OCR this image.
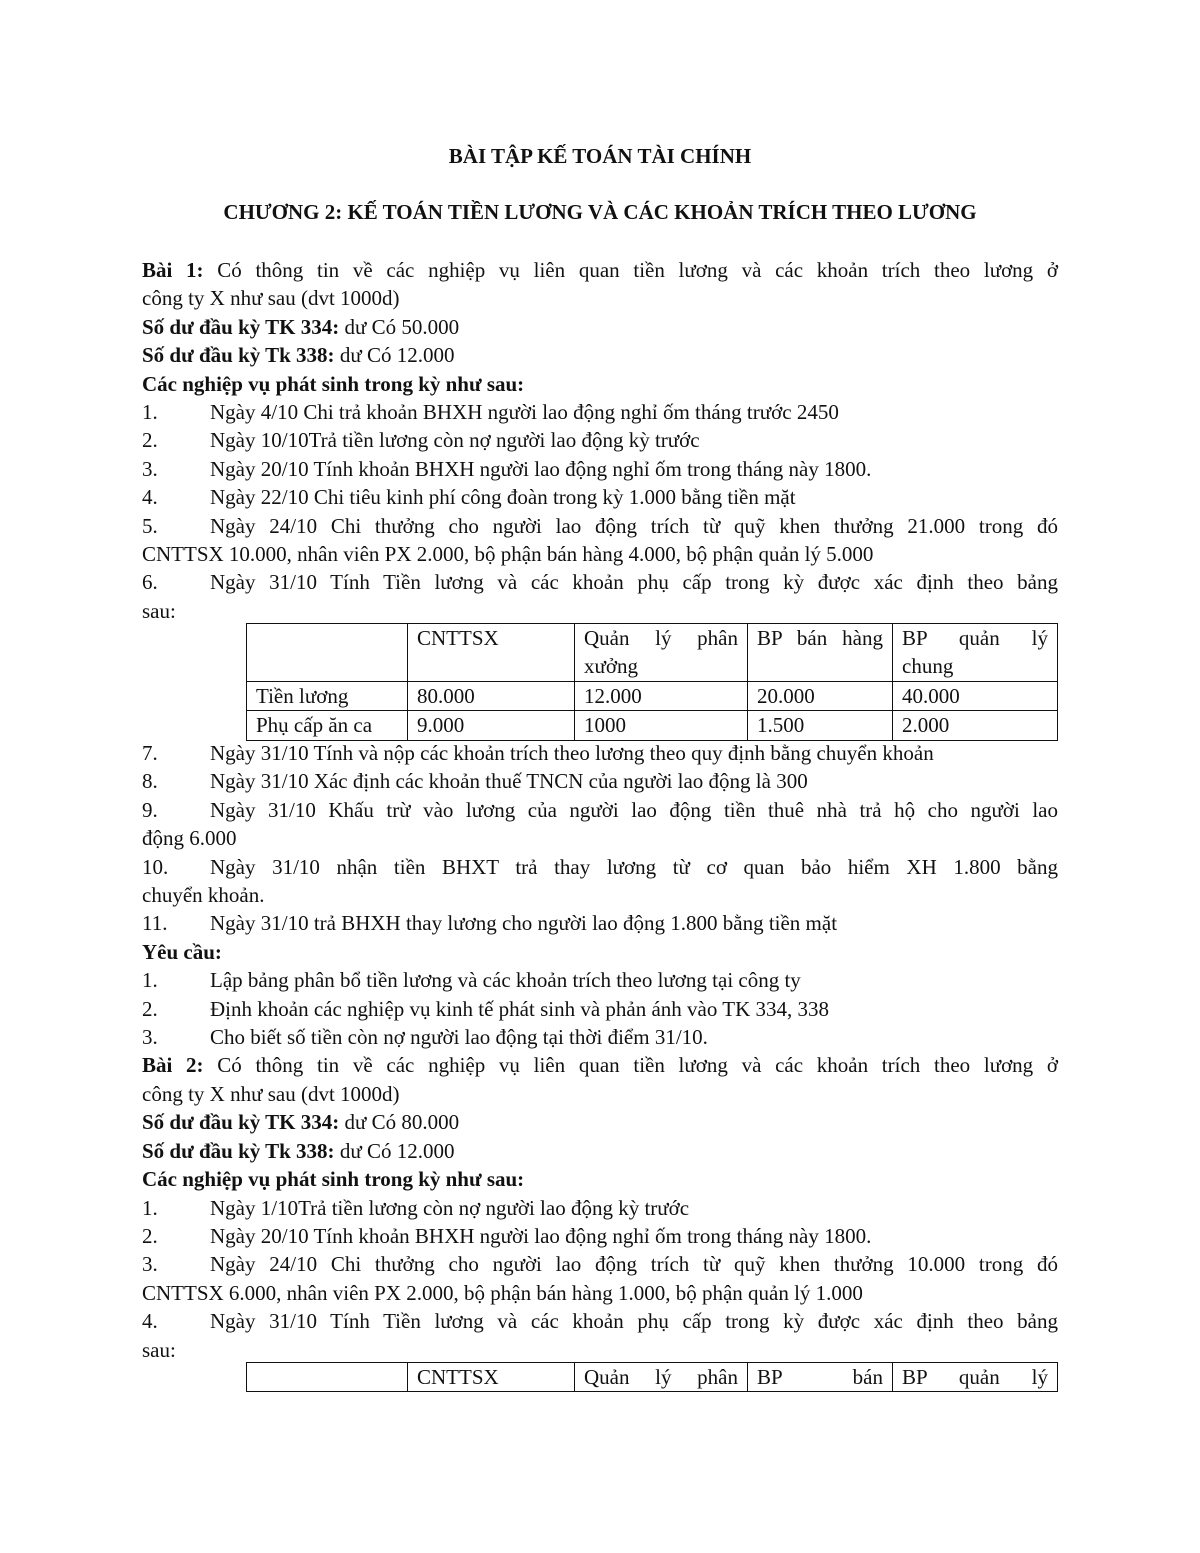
BÀI TẬP KẾ TOÁN TÀI CHÍNH
CHƯƠNG 2: KẾ TOÁN TIỀN LƯƠNG VÀ CÁC KHOẢN TRÍCH THEO LƯƠNG
Bài 1: Có thông tin về các nghiệp vụ liên quan tiền lương và các khoản trích theo lương ở
công ty X như sau (dvt 1000d)
Số dư đầu kỳ TK 334: dư Có 50.000
Số dư đầu kỳ Tk 338: dư Có 12.000
Các nghiệp vụ phát sinh trong kỳ như sau:
1. Ngày 4/10 Chi trả khoản BHXH người lao động nghỉ ốm tháng trước 2450
2. Ngày 10/10Trả tiền lương còn nợ người lao động kỳ trước
3. Ngày 20/10 Tính khoản BHXH người lao động nghỉ ốm trong tháng này 1800.
4. Ngày 22/10 Chi tiêu kinh phí công đoàn trong kỳ 1.000 bằng tiền mặt
5. Ngày 24/10 Chi thưởng cho người lao động trích từ quỹ khen thưởng 21.000 trong đó
CNTTSX 10.000, nhân viên PX 2.000, bộ phận bán hàng 4.000, bộ phận quản lý 5.000
6. Ngày 31/10 Tính Tiền lương và các khoản phụ cấp trong kỳ được xác định theo bảng
sau:
	CNTTSX	Quản lý phân xưởng	BP bán hàng	BP quản lý chung

Tiền lương	80.000	12.000	20.000	40.000
Phụ cấp ăn ca	9.000	1000	1.500	2.000
7. Ngày 31/10 Tính và nộp các khoản trích theo lương theo quy định bằng chuyển khoản
8. Ngày 31/10 Xác định các khoản thuế TNCN của người lao động là 300
9. Ngày 31/10 Khấu trừ vào lương của người lao động tiền thuê nhà trả hộ cho người lao
động 6.000
10. Ngày 31/10 nhận tiền BHXT trả thay lương từ cơ quan bảo hiểm XH 1.800 bằng
chuyển khoản.
11. Ngày 31/10 trả BHXH thay lương cho người lao động 1.800 bằng tiền mặt
Yêu cầu:
1. Lập bảng phân bổ tiền lương và các khoản trích theo lương tại công ty
2. Định khoản các nghiệp vụ kinh tế phát sinh và phản ánh vào TK 334, 338
3. Cho biết số tiền còn nợ người lao động tại thời điểm 31/10.
Bài 2: Có thông tin về các nghiệp vụ liên quan tiền lương và các khoản trích theo lương ở
công ty X như sau (dvt 1000d)
Số dư đầu kỳ TK 334: dư Có 80.000
Số dư đầu kỳ Tk 338: dư Có 12.000
Các nghiệp vụ phát sinh trong kỳ như sau:
1. Ngày 1/10Trả tiền lương còn nợ người lao động kỳ trước
2. Ngày 20/10 Tính khoản BHXH người lao động nghỉ ốm trong tháng này 1800.
3. Ngày 24/10 Chi thưởng cho người lao động trích từ quỹ khen thưởng 10.000 trong đó
CNTTSX 6.000, nhân viên PX 2.000, bộ phận bán hàng 1.000, bộ phận quản lý 1.000
4. Ngày 31/10 Tính Tiền lương và các khoản phụ cấp trong kỳ được xác định theo bảng
sau:
	CNTTSX	Quản lý phân	BP bán	BP quản lý
